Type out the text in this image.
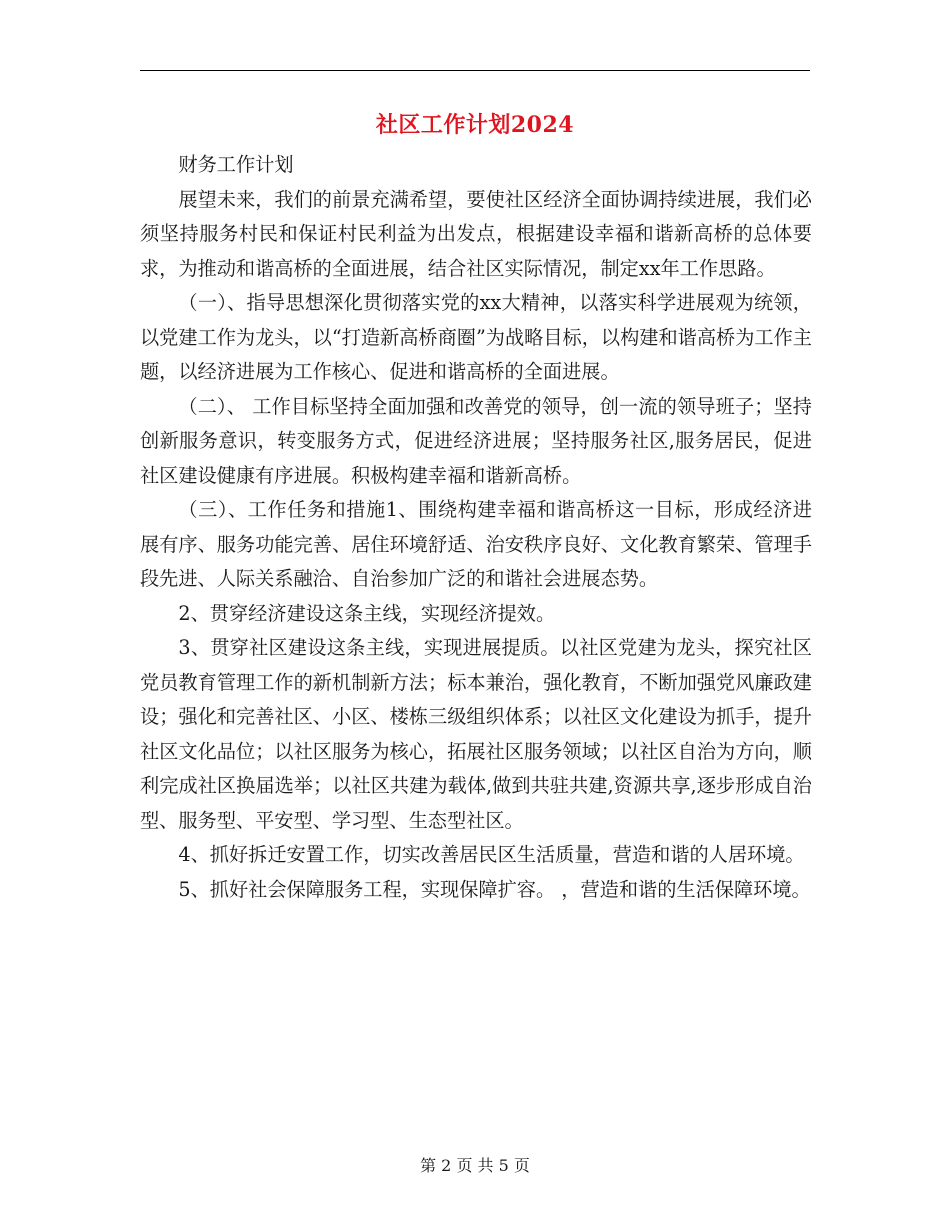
社区工作计划2024

财务工作计划

展望未来，我们的前景充满希望，要使社区经济全面协调持续进展，我们必须坚持服务村民和保证村民利益为出发点，根据建设幸福和谐新高桥的总体要求，为推动和谐高桥的全面进展，结合社区实际情况，制定xx年工作思路。

（一）、指导思想深化贯彻落实党的xx大精神，以落实科学进展观为统领，以党建工作为龙头，以“打造新高桥商圈”为战略目标，以构建和谐高桥为工作主题，以经济进展为工作核心、促进和谐高桥的全面进展。

（二）、 工作目标坚持全面加强和改善党的领导，创一流的领导班子；坚持创新服务意识，转变服务方式，促进经济进展；坚持服务社区,服务居民，促进社区建设健康有序进展。积极构建幸福和谐新高桥。

（三）、工作任务和措施1、围绕构建幸福和谐高桥这一目标，形成经济进展有序、服务功能完善、居住环境舒适、治安秩序良好、文化教育繁荣、管理手段先进、人际关系融洽、自治参加广泛的和谐社会进展态势。

2、贯穿经济建设这条主线，实现经济提效。

3、贯穿社区建设这条主线，实现进展提质。以社区党建为龙头，探究社区党员教育管理工作的新机制新方法；标本兼治，强化教育，不断加强党风廉政建设；强化和完善社区、小区、楼栋三级组织体系；以社区文化建设为抓手，提升社区文化品位；以社区服务为核心，拓展社区服务领域；以社区自治为方向，顺利完成社区换届选举；以社区共建为载体,做到共驻共建,资源共享,逐步形成自治型、服务型、平安型、学习型、生态型社区。

4、抓好拆迁安置工作，切实改善居民区生活质量，营造和谐的人居环境。

5、抓好社会保障服务工程，实现保障扩容。 ，营造和谐的生活保障环境。

第 2 页 共 5 页
